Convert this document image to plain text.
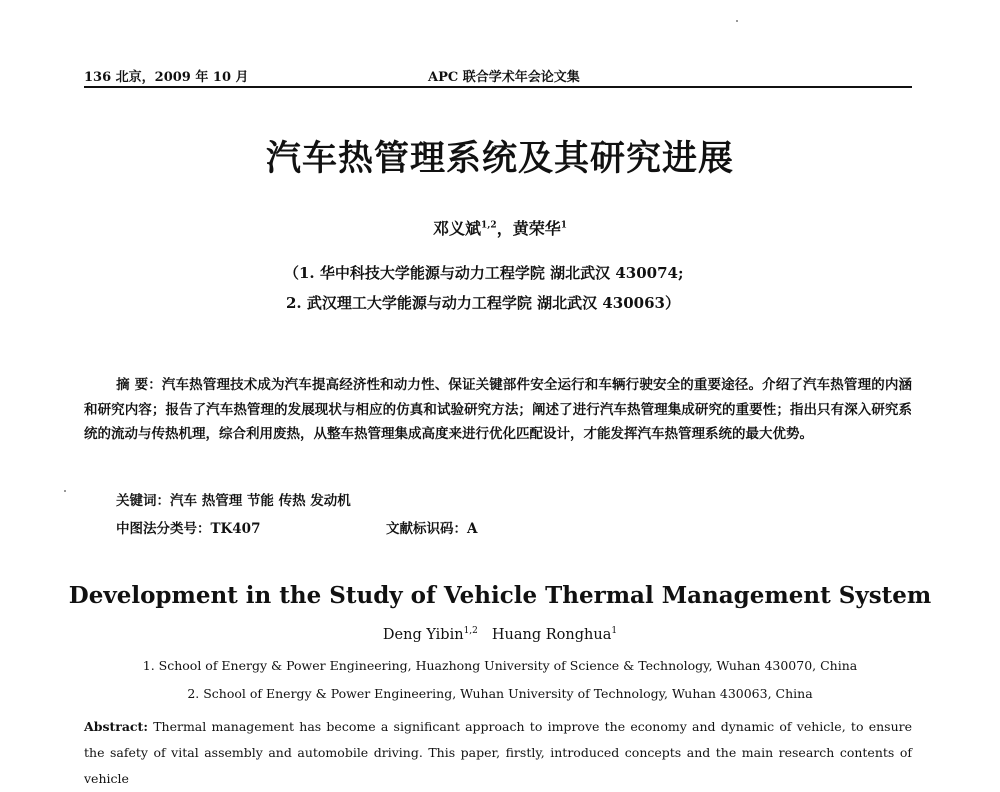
136 北京，2009 年 10 月	APC 联合学术年会论文集
汽车热管理系统及其研究进展
邓义斌$^{1,2}$，黄荣华$^1$
（1. 华中科技大学能源与动力工程学院 湖北武汉 430074;
2. 武汉理工大学能源与动力工程学院 湖北武汉 430063）
摘 要：汽车热管理技术成为汽车提高经济性和动力性、保证关键部件安全运行和车辆行驶安全的重要途径。介绍了汽车热管理的内涵和研究内容；报告了汽车热管理的发展现状与相应的仿真和试验研究方法；阐述了进行汽车热管理集成研究的重要性；指出只有深入研究系统的流动与传热机理，综合利用废热，从整车热管理集成高度来进行优化匹配设计，才能发挥汽车热管理系统的最大优势。
关键词：汽车 热管理 节能 传热 发动机
中图法分类号：TK407	文献标识码：A
Development in the Study of Vehicle Thermal Management System
Deng Yibin$^{1,2}$ Huang Ronghua$^1$
1. School of Energy & Power Engineering, Huazhong University of Science & Technology, Wuhan 430070, China
2. School of Energy & Power Engineering, Wuhan University of Technology, Wuhan 430063, China
Abstract: Thermal management has become a significant approach to improve the economy and dynamic of vehicle, to ensure the safety of vital assembly and automobile driving. This paper, firstly, introduced concepts and the main research contents of vehicle
